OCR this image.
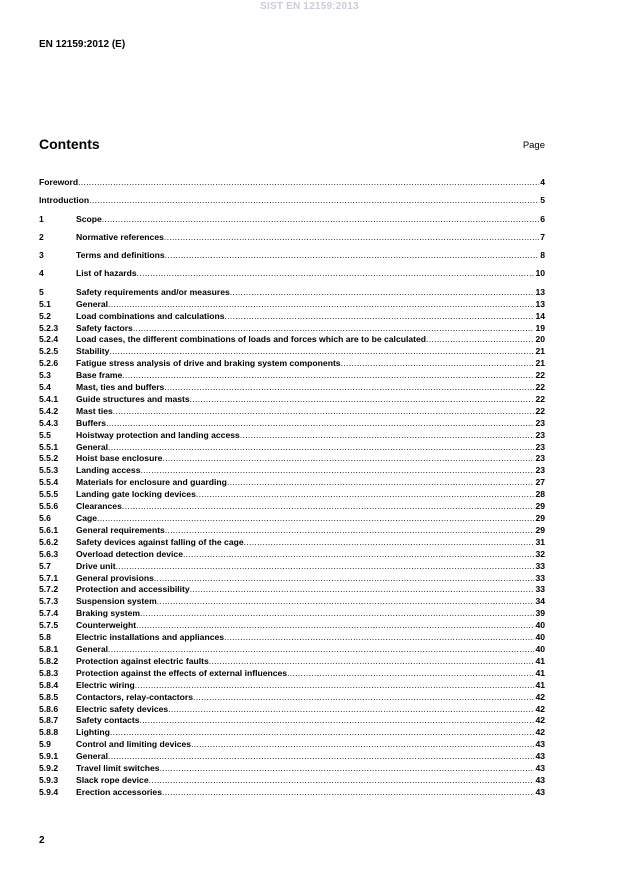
SIST EN 12159:2013
EN 12159:2012 (E)
Contents	Page
Foreword .....	4
Introduction .....	5
1	Scope .....	6
2	Normative references .....	7
3	Terms and definitions .....	8
4	List of hazards .....	10
5	Safety requirements and/or measures .....	13
5.1	General .....	13
5.2	Load combinations and calculations .....	14
5.2.3	Safety factors .....	19
5.2.4	Load cases, the different combinations of loads and forces which are to be calculated .....	20
5.2.5	Stability .....	21
5.2.6	Fatigue stress analysis of drive and braking system components .....	21
5.3	Base frame .....	22
5.4	Mast, ties and buffers .....	22
5.4.1	Guide structures and masts .....	22
5.4.2	Mast ties .....	22
5.4.3	Buffers .....	23
5.5	Hoistway protection and landing access .....	23
5.5.1	General .....	23
5.5.2	Hoist base enclosure .....	23
5.5.3	Landing access .....	23
5.5.4	Materials for enclosure and guarding .....	27
5.5.5	Landing gate locking devices .....	28
5.5.6	Clearances .....	29
5.6	Cage .....	29
5.6.1	General requirements .....	29
5.6.2	Safety devices against falling of the cage .....	31
5.6.3	Overload detection device .....	32
5.7	Drive unit .....	33
5.7.1	General provisions .....	33
5.7.2	Protection and accessibility .....	33
5.7.3	Suspension system .....	34
5.7.4	Braking system .....	39
5.7.5	Counterweight .....	40
5.8	Electric installations and appliances .....	40
5.8.1	General .....	40
5.8.2	Protection against electric faults .....	41
5.8.3	Protection against the effects of external influences .....	41
5.8.4	Electric wiring .....	41
5.8.5	Contactors, relay-contactors .....	42
5.8.6	Electric safety devices .....	42
5.8.7	Safety contacts .....	42
5.8.8	Lighting .....	42
5.9	Control and limiting devices .....	43
5.9.1	General .....	43
5.9.2	Travel limit switches .....	43
5.9.3	Slack rope device .....	43
5.9.4	Erection accessories .....	43
2
